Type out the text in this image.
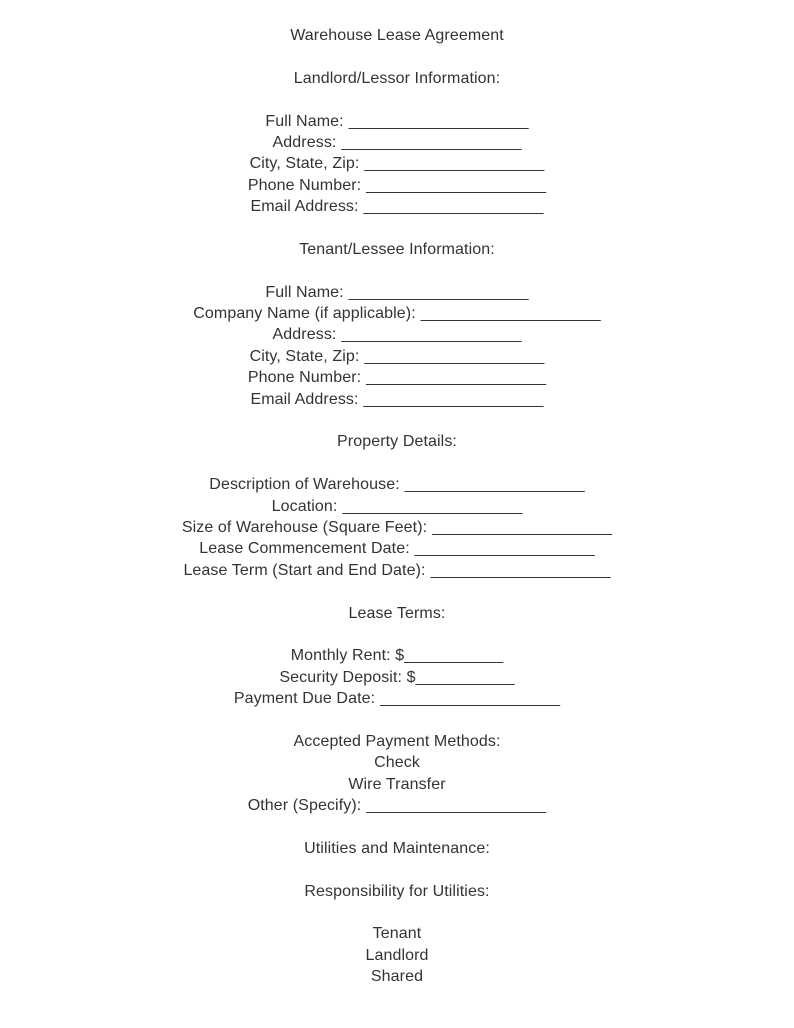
Warehouse Lease Agreement
Landlord/Lessor Information:
Full Name: ____________________
Address: ____________________
City, State, Zip: ____________________
Phone Number: ____________________
Email Address: ____________________
Tenant/Lessee Information:
Full Name: ____________________
Company Name (if applicable): ____________________
Address: ____________________
City, State, Zip: ____________________
Phone Number: ____________________
Email Address: ____________________
Property Details:
Description of Warehouse: ____________________
Location: ____________________
Size of Warehouse (Square Feet): ____________________
Lease Commencement Date: ____________________
Lease Term (Start and End Date): ____________________
Lease Terms:
Monthly Rent: $___________
Security Deposit: $___________
Payment Due Date: ____________________
Accepted Payment Methods:
Check
Wire Transfer
Other (Specify): ____________________
Utilities and Maintenance:
Responsibility for Utilities:
Tenant
Landlord
Shared
